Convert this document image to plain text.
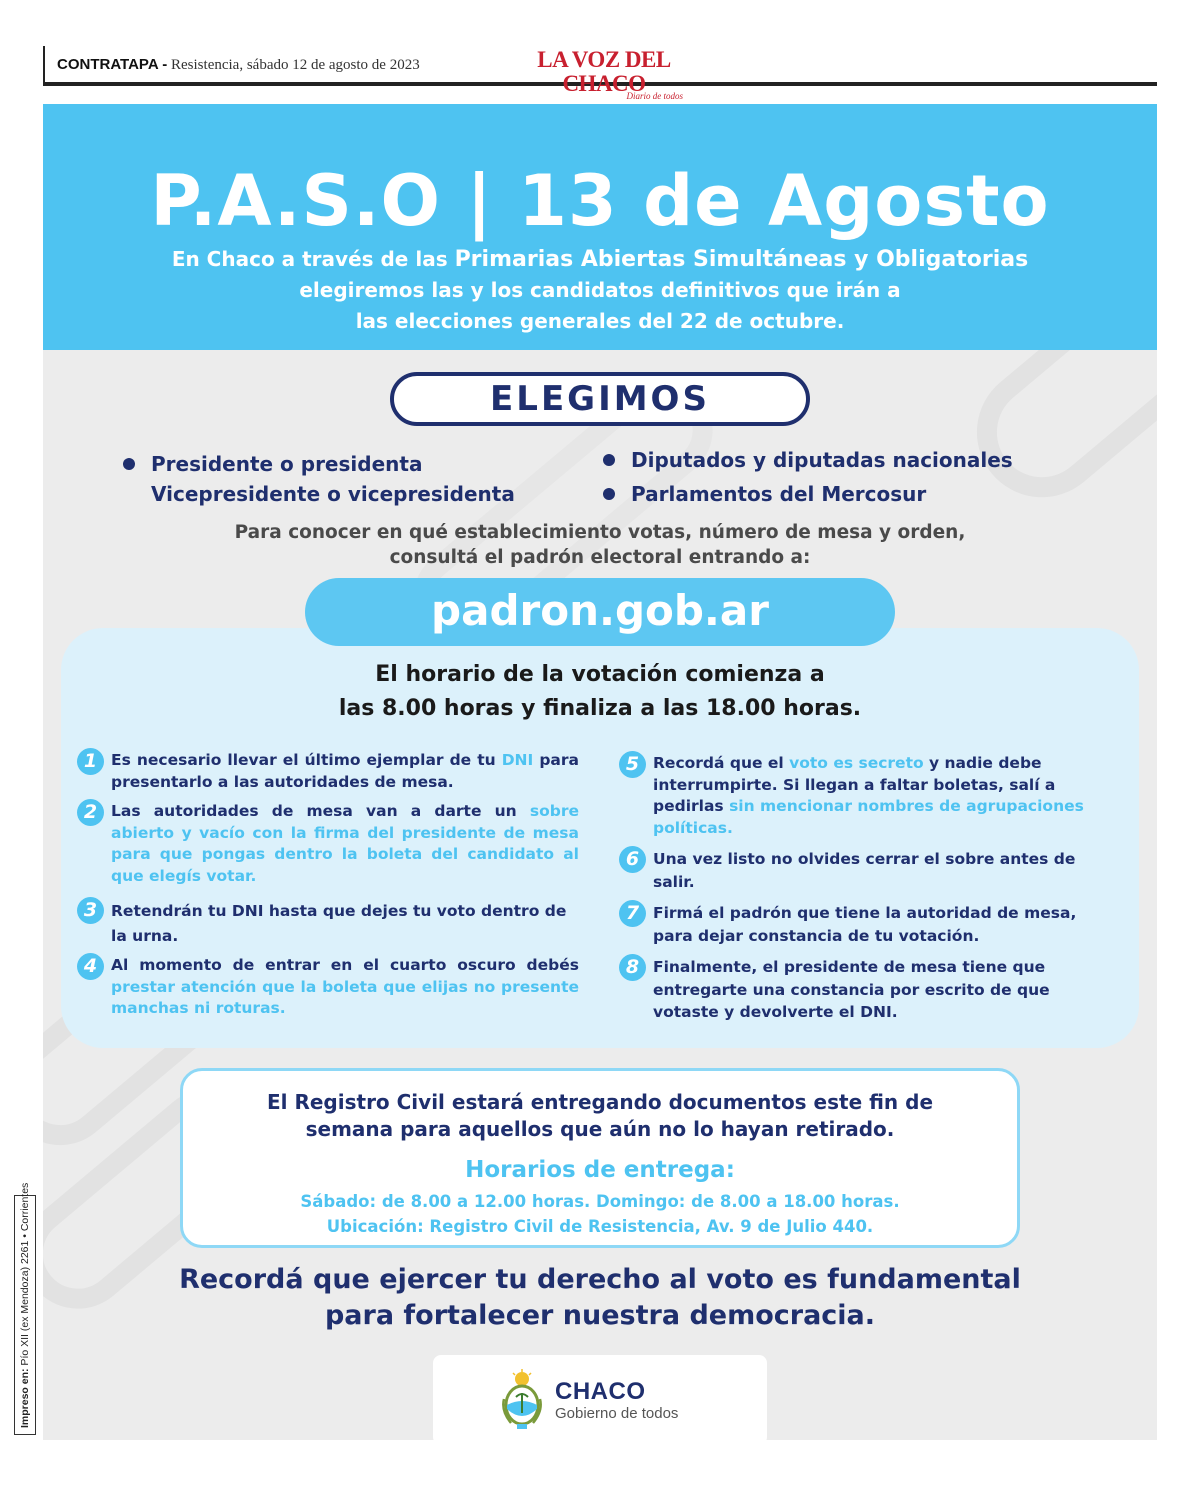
CONTRATAPA - Resistencia, sábado 12 de agosto de 2023	LA VOZ DEL CHACO
Diario de todos
Impreso en: Pío XII (ex Mendoza) 2261 • Corrientes
P.A.S.O | 13 de Agosto
En Chaco a través de las Primarias Abiertas Simultáneas y Obligatorias
elegiremos las y los candidatos definitivos que irán a
las elecciones generales del 22 de octubre.
ELEGIMOS
Presidente o presidenta
Vicepresidente o vicepresidenta
Diputados y diputadas nacionales
Parlamentos del Mercosur
Para conocer en qué establecimiento votas, número de mesa y orden,
consultá el padrón electoral entrando a:
El horario de la votación comienza a
las 8.00 horas y finaliza a las 18.00 horas.
1 Es necesario llevar el último ejemplar de tu DNI para presentarlo a las autoridades de mesa.
2 Las autoridades de mesa van a darte un sobre abierto y vacío con la firma del presidente de mesa para que pongas dentro la boleta del candidato al que elegís votar.
3 Retendrán tu DNI hasta que dejes tu voto dentro de la urna.
4 Al momento de entrar en el cuarto oscuro debés prestar atención que la boleta que elijas no presente manchas ni roturas.
5 Recordá que el voto es secreto y nadie debe interrumpirte. Si llegan a faltar boletas, salí a pedirlas sin mencionar nombres de agrupaciones políticas.
6 Una vez listo no olvides cerrar el sobre antes de salir.
7 Firmá el padrón que tiene la autoridad de mesa, para dejar constancia de tu votación.
8 Finalmente, el presidente de mesa tiene que entregarte una constancia por escrito de que votaste y devolverte el DNI.
padron.gob.ar
El Registro Civil estará entregando documentos este fin de
semana para aquellos que aún no lo hayan retirado.
Horarios de entrega:
Sábado: de 8.00 a 12.00 horas. Domingo: de 8.00 a 18.00 horas.
Ubicación: Registro Civil de Resistencia, Av. 9 de Julio 440.
Recordá que ejercer tu derecho al voto es fundamental
para fortalecer nuestra democracia.
CHACO
Gobierno de todos
